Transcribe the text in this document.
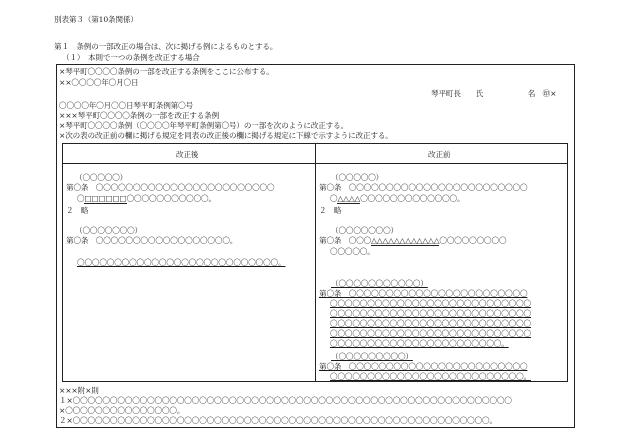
別表第３（第10条関係）
第１　条例の一部改正の場合は、次に掲げる例によるものとする。
（１）　本則で一つの条例を改正する場合
×琴平町〇〇〇〇条例の一部を改正する条例をここに公布する。
××〇〇〇〇年〇月〇日
琴平町長　　氏　　　　　　名　㊞×
〇〇〇〇年〇月〇〇日琴平町条例第〇号
×××琴平町〇〇〇〇条例の一部を改正する条例
×琴平町〇〇〇〇条例（〇〇〇〇年琴平町条例第〇号）の一部を次のように改正する。
×次の表の改正前の欄に掲げる規定を同表の改正後の欄に掲げる規定に下線で示すように改正する。
改正後	改正前
（〇〇〇〇〇）
第〇条　〇〇〇〇〇〇〇〇〇〇〇〇〇〇〇〇〇〇〇〇〇〇〇〇
〇□□□□□□〇〇〇〇〇〇〇〇〇〇〇。
２　略
（〇〇〇〇〇〇〇）
第〇条　〇〇〇〇〇〇〇〇〇〇〇〇〇〇〇〇〇〇。
〇〇〇〇〇〇〇〇〇〇〇〇〇〇〇〇〇〇〇〇〇〇〇〇〇〇〇。
（〇〇〇〇〇）
第〇条　〇〇〇〇〇〇〇〇〇〇〇〇〇〇〇〇〇〇〇〇〇〇〇〇
〇△△△△〇〇〇〇〇〇〇〇〇〇〇〇〇。
２　略
（〇〇〇〇〇〇〇）
第〇条　〇〇〇△△△△△△△△△△△△〇〇〇〇〇〇〇〇〇
〇〇〇〇〇。
（〇〇〇〇〇〇〇〇〇〇〇）
第〇条　〇〇〇〇〇〇〇〇〇〇〇〇〇〇〇〇〇〇〇〇〇〇〇〇
〇〇〇〇〇〇〇〇〇〇〇〇〇〇〇〇〇〇〇〇〇〇〇〇〇〇〇
〇〇〇〇〇〇〇〇〇〇〇〇〇〇〇〇〇〇〇〇〇〇〇〇〇〇〇
〇〇〇〇〇〇〇〇〇〇〇〇〇〇〇〇〇〇〇〇〇〇〇〇〇〇〇
〇〇〇〇〇〇〇〇〇〇〇〇〇〇〇〇〇〇〇〇〇〇〇〇〇〇〇
〇〇〇〇〇〇〇〇〇〇〇〇〇〇〇〇〇〇〇〇〇〇〇。
（〇〇〇〇〇〇〇〇〇）
第〇条　〇〇〇〇〇〇〇〇〇〇〇〇〇〇〇〇〇〇〇〇〇〇〇〇
〇〇〇〇〇〇〇〇〇〇〇〇〇〇〇〇〇〇〇〇〇〇〇〇〇〇。
×××附×則
１×〇〇〇〇〇〇〇〇〇〇〇〇〇〇〇〇〇〇〇〇〇〇〇〇〇〇〇〇〇〇〇〇〇〇〇〇〇〇〇〇〇〇〇〇〇〇〇〇〇〇〇〇〇〇〇〇〇〇〇
×〇〇〇〇〇〇〇〇〇〇〇〇〇〇〇。
２×〇〇〇〇〇〇〇〇〇〇〇〇〇〇〇〇〇〇〇〇〇〇〇〇〇〇〇〇〇〇〇〇〇〇〇〇〇〇〇〇〇〇〇〇〇〇〇〇〇〇〇〇〇〇〇〇。
